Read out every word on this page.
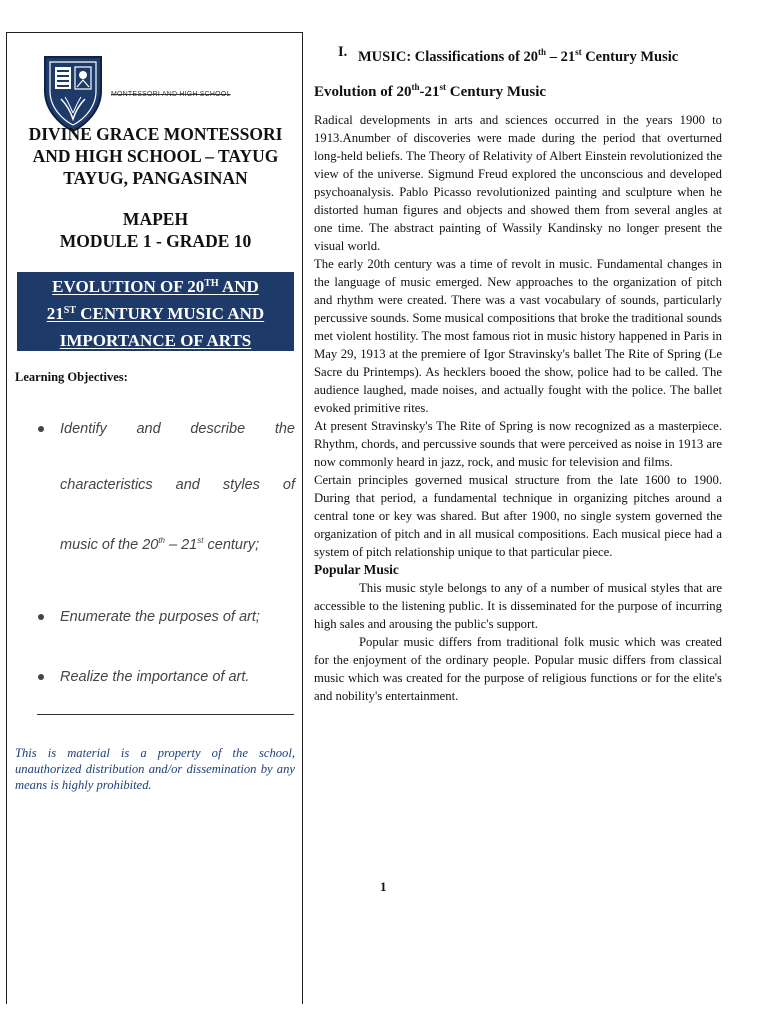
MONTESSORI AND HIGH SCHOOL
DIVINE GRACE MONTESSORI
AND HIGH SCHOOL – TAYUG
TAYUG, PANGASINAN
MAPEH
MODULE 1 - GRADE 10
EVOLUTION OF 20TH AND
21ST CENTURY MUSIC AND
IMPORTANCE OF ARTS
Learning Objectives:
Identify and describe the
characteristics and styles of
music of the 20th – 21st century;
Enumerate the purposes of art;
Realize the importance of art.
This is material is a property of the school, unauthorized distribution and/or dissemination by any means is highly prohibited.
I. MUSIC: Classifications of 20th – 21st Century Music
Evolution of 20th-21st Century Music

Radical developments in arts and sciences occurred in the years 1900 to 1913.Anumber of discoveries were made during the period that overturned long-held beliefs. The Theory of Relativity of Albert Einstein revolutionized the view of the universe. Sigmund Freud explored the unconscious and developed psychoanalysis. Pablo Picasso revolutionized painting and sculpture when he distorted human figures and objects and showed them from several angles at one time. The abstract painting of Wassily Kandinsky no longer present the visual world.

The early 20th century was a time of revolt in music. Fundamental changes in the language of music emerged. New approaches to the organization of pitch and rhythm were created. There was a vast vocabulary of sounds, particularly percussive sounds. Some musical compositions that broke the traditional sounds met violent hostility. The most famous riot in music history happened in Paris in May 29, 1913 at the premiere of Igor Stravinsky's ballet The Rite of Spring (Le Sacre du Printemps). As hecklers booed the show, police had to be called. The audience laughed, made noises, and actually fought with the police. The ballet evoked primitive rites.

At present Stravinsky's The Rite of Spring is now recognized as a masterpiece. Rhythm, chords, and percussive sounds that were perceived as noise in 1913 are now commonly heard in jazz, rock, and music for television and films.

Certain principles governed musical structure from the late 1600 to 1900. During that period, a fundamental technique in organizing pitches around a central tone or key was shared. But after 1900, no single system governed the organization of pitch and in all musical compositions. Each musical piece had a system of pitch relationship unique to that particular piece.

Popular Music

This music style belongs to any of a number of musical styles that are accessible to the listening public. It is disseminated for the purpose of incurring high sales and arousing the public's support.

Popular music differs from traditional folk music which was created for the enjoyment of the ordinary people. Popular music differs from classical music which was created for the purpose of religious functions or for the elite's and nobility's entertainment.

1
